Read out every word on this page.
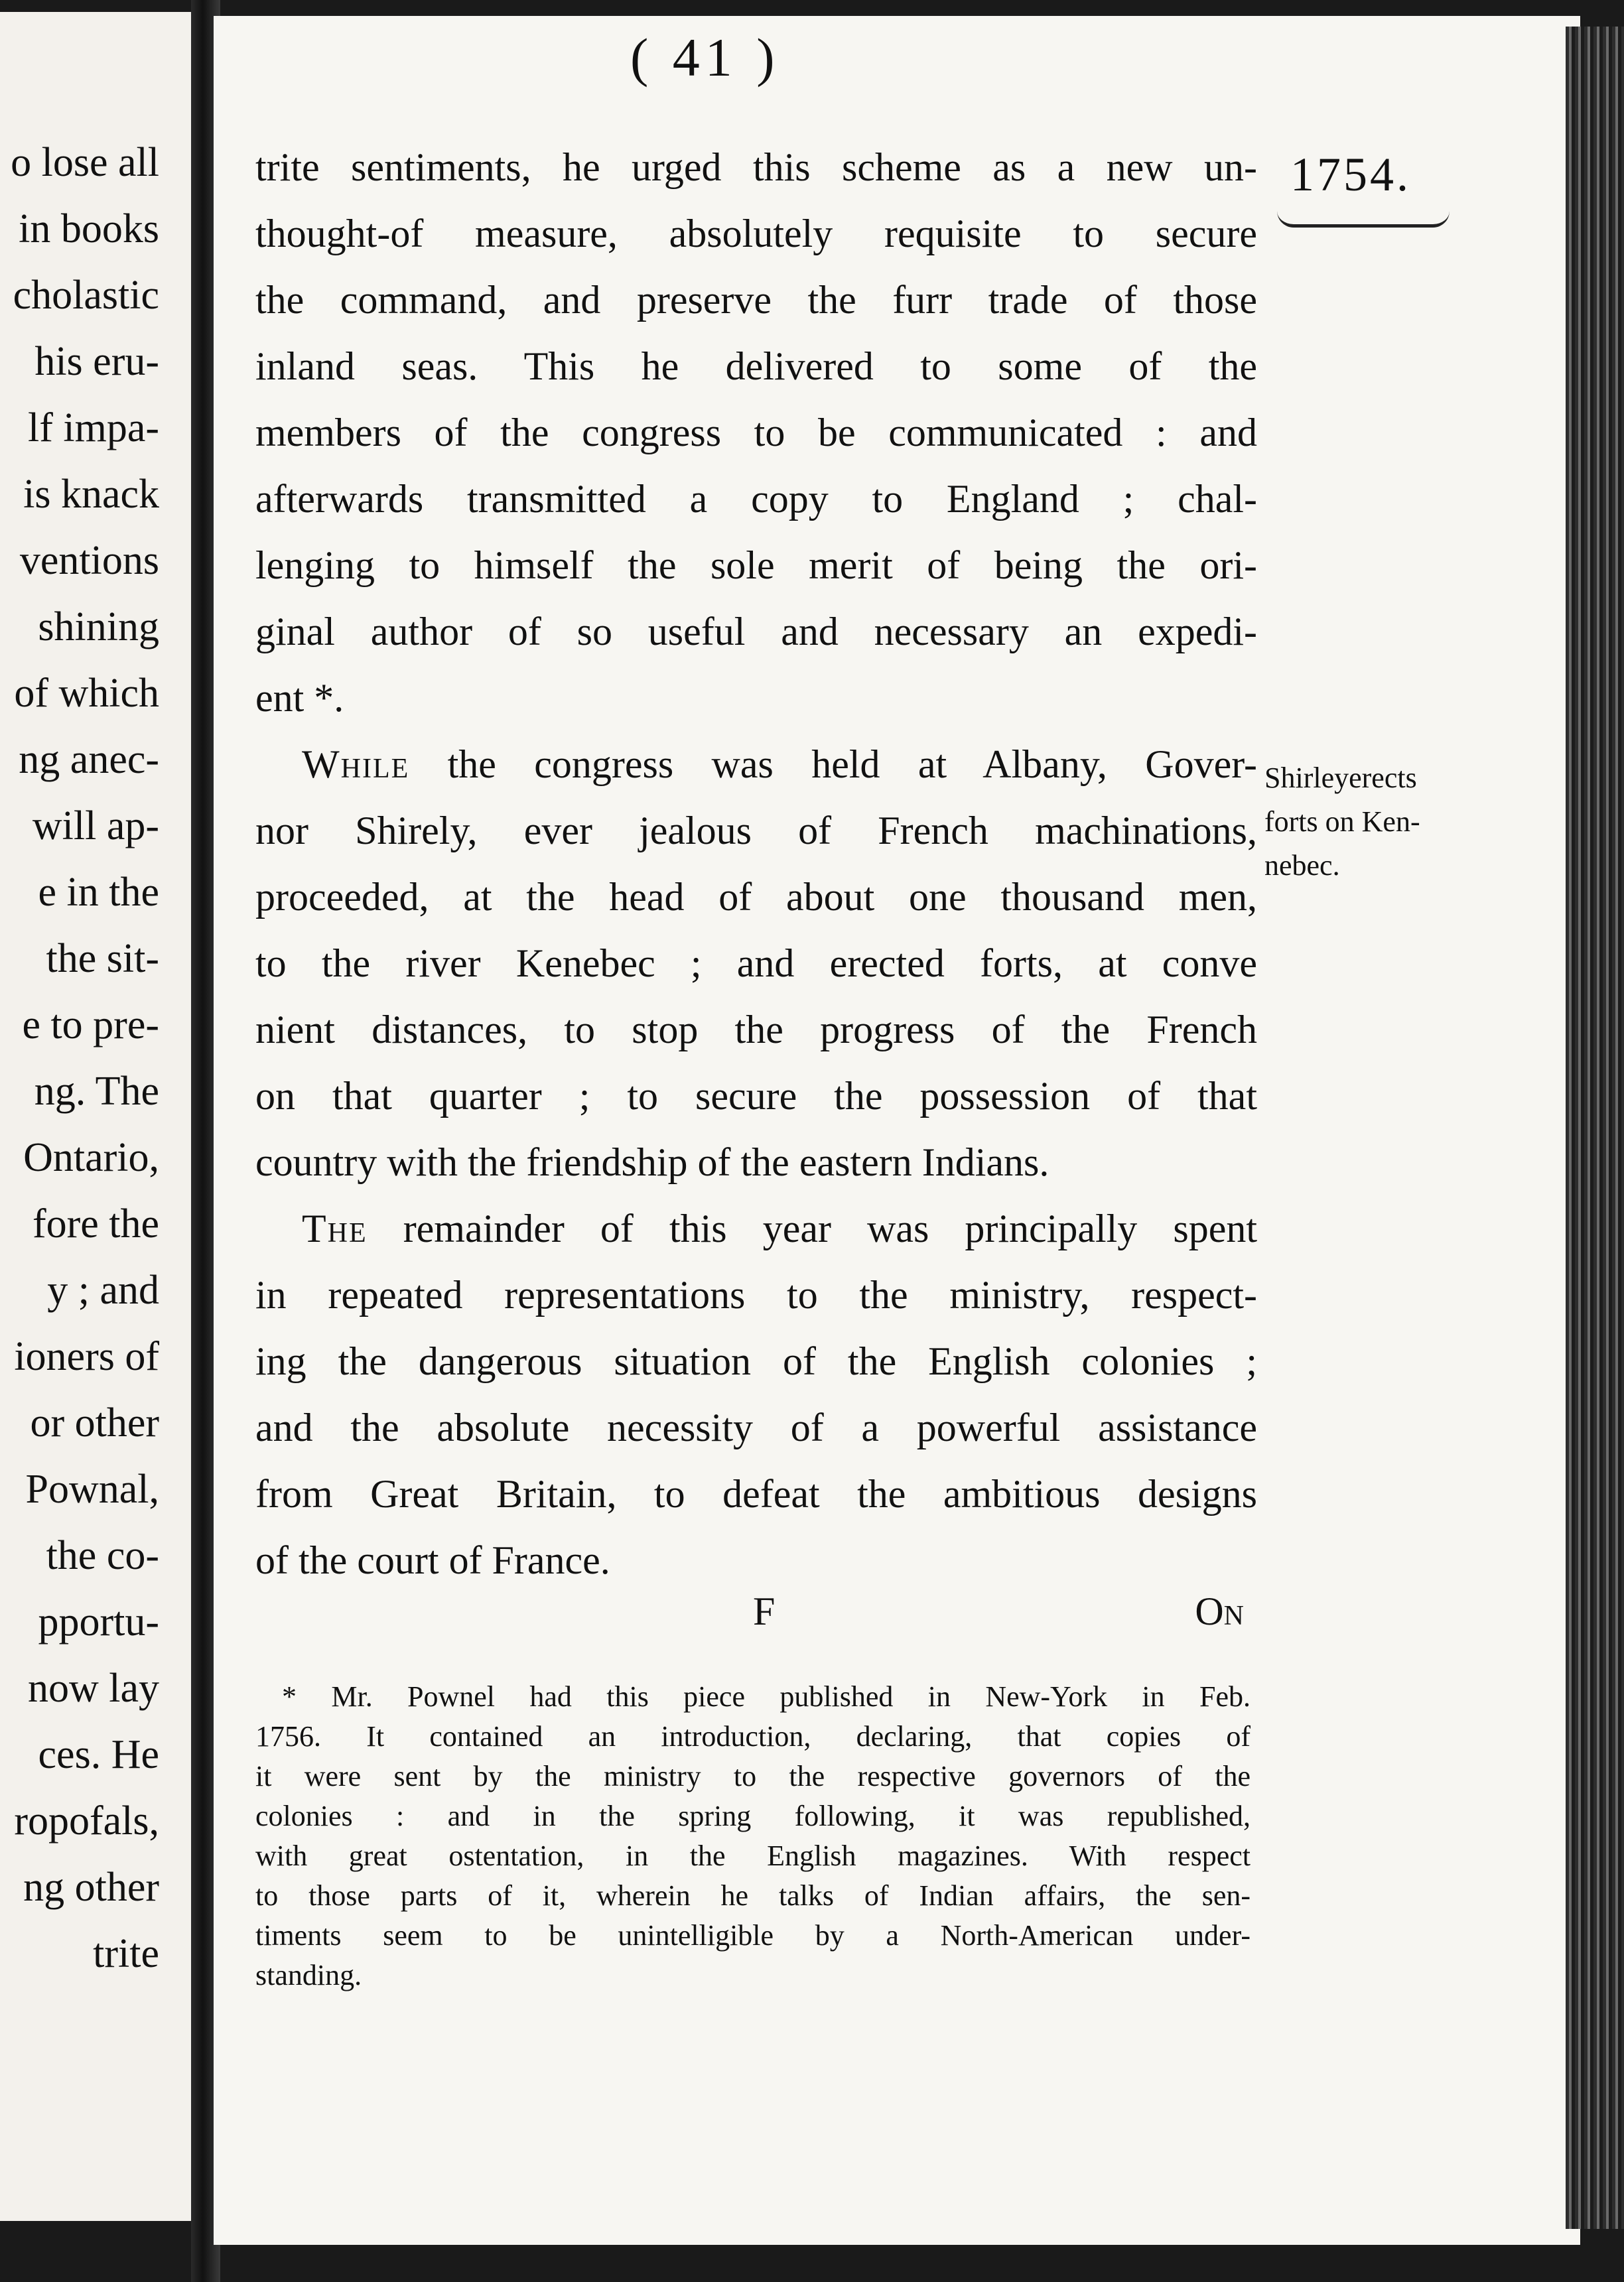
o lose all
in books
cholastic
his eru-
lf impa-
is knack
ventions
shining
of which
ng anec-
will ap-
e in the
the sit-
e to pre-
ng. The
Ontario,
fore the
y ; and
ioners of
or other
Pownal,
the co-
pportu-
now lay
ces. He
ropofals,
ng other
trite
( 41 )
1754.
Shirleyerects
forts on Ken-
nebec.
trite sentiments, he urged this scheme as a new un-
thought-of measure, absolutely requisite to secure
the command, and preserve the furr trade of those
inland seas. This he delivered to some of the
members of the congress to be communicated : and
afterwards transmitted a copy to England ; chal-
lenging to himself the sole merit of being the ori-
ginal author of so useful and necessary an expedi-
ent *.
While the congress was held at Albany, Gover-
nor Shirely, ever jealous of French machinations,
proceeded, at the head of about one thousand men,
to the river Kenebec ; and erected forts, at conve
nient distances, to stop the progress of the French
on that quarter ; to secure the possession of that
country with the friendship of the eastern Indians.
The remainder of this year was principally spent
in repeated representations to the ministry, respect-
ing the dangerous situation of the English colonies ;
and the absolute necessity of a powerful assistance
from Great Britain, to defeat the ambitious designs
of the court of France.
F	On
* Mr. Pownel had this piece published in New-York in Feb.
1756. It contained an introduction, declaring, that copies of
it were sent by the ministry to the respective governors of the
colonies : and in the spring following, it was republished,
with great ostentation, in the English magazines. With respect
to those parts of it, wherein he talks of Indian affairs, the sen-
timents seem to be unintelligible by a North-American under-
standing.
